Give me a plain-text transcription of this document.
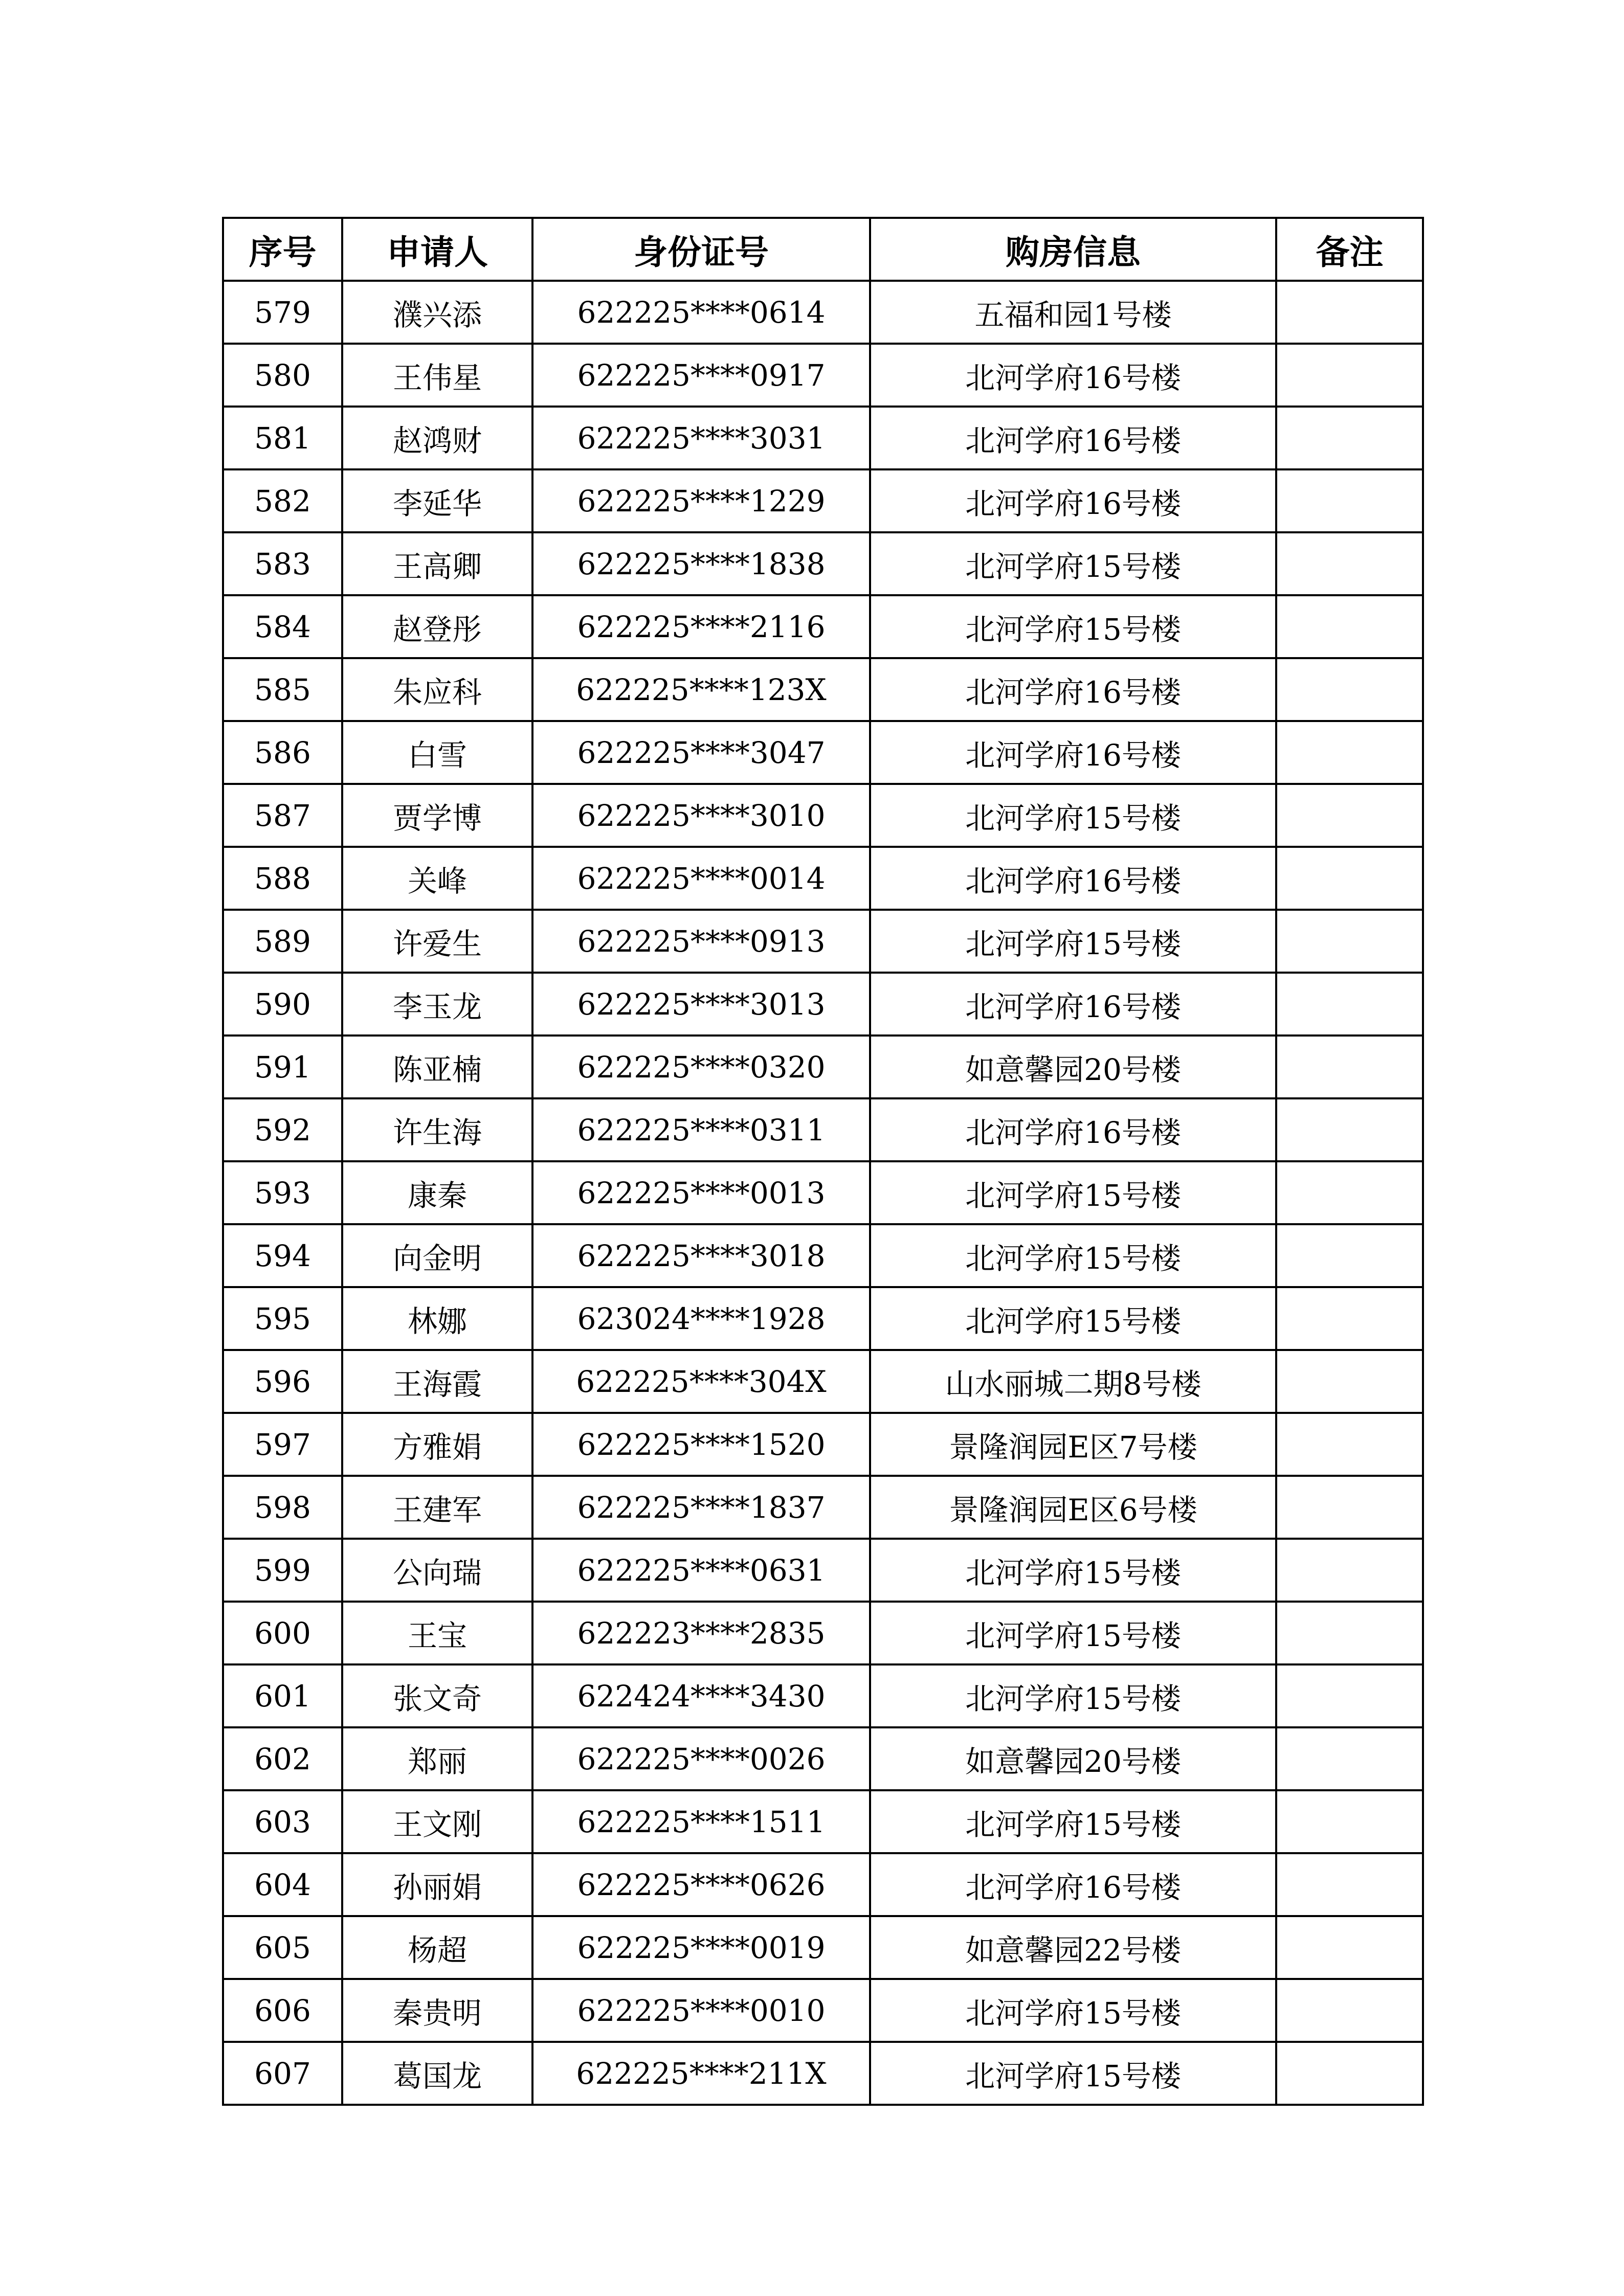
序号	申请人	身份证号	购房信息	备注
579	濮兴添	622225****0614	五福和园1号楼	
580	王伟星	622225****0917	北河学府16号楼	
581	赵鸿财	622225****3031	北河学府16号楼	
582	李延华	622225****1229	北河学府16号楼	
583	王高卿	622225****1838	北河学府15号楼	
584	赵登彤	622225****2116	北河学府15号楼	
585	朱应科	622225****123X	北河学府16号楼	
586	白雪	622225****3047	北河学府16号楼	
587	贾学博	622225****3010	北河学府15号楼	
588	关峰	622225****0014	北河学府16号楼	
589	许爱生	622225****0913	北河学府15号楼	
590	李玉龙	622225****3013	北河学府16号楼	
591	陈亚楠	622225****0320	如意馨园20号楼	
592	许生海	622225****0311	北河学府16号楼	
593	康秦	622225****0013	北河学府15号楼	
594	向金明	622225****3018	北河学府15号楼	
595	林娜	623024****1928	北河学府15号楼	
596	王海霞	622225****304X	山水丽城二期8号楼	
597	方雅娟	622225****1520	景隆润园E区7号楼	
598	王建军	622225****1837	景隆润园E区6号楼	
599	公向瑞	622225****0631	北河学府15号楼	
600	王宝	622223****2835	北河学府15号楼	
601	张文奇	622424****3430	北河学府15号楼	
602	郑丽	622225****0026	如意馨园20号楼	
603	王文刚	622225****1511	北河学府15号楼	
604	孙丽娟	622225****0626	北河学府16号楼	
605	杨超	622225****0019	如意馨园22号楼	
606	秦贵明	622225****0010	北河学府15号楼	
607	葛国龙	622225****211X	北河学府15号楼	
